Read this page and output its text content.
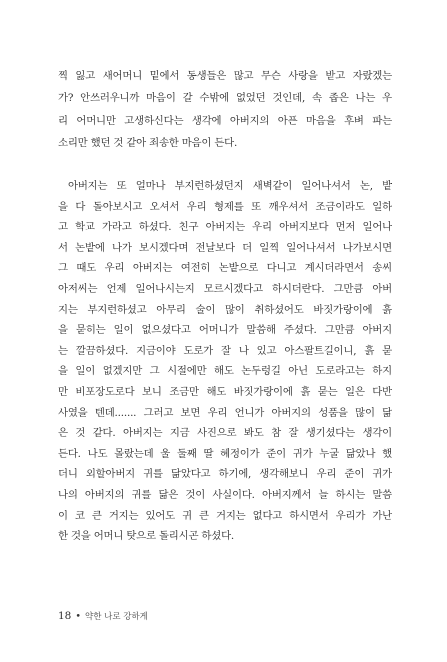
찍 잃고 새어머니 밑에서 동생들은 많고 무슨 사랑을 받고 자랐겠는
가? 안쓰러우니까 마음이 갈 수밖에 없었던 것인데, 속 좁은 나는 우
리 어머니만 고생하신다는 생각에 아버지의 아픈 마음을 후벼 파는
소리만 했던 것 같아 죄송한 마음이 든다.
아버지는 또 얼마나 부지런하셨던지 새벽같이 일어나셔서 논, 밭
을 다 돌아보시고 오셔서 우리 형제를 또 깨우셔서 조금이라도 일하
고 학교 가라고 하셨다. 친구 아버지는 우리 아버지보다 먼저 일어나
서 논밭에 나가 보시겠다며 전날보다 더 일찍 일어나셔서 나가보시면
그 때도 우리 아버지는 여전히 논밭으로 다니고 계시더라면서 송씨
아저씨는 언제 일어나시는지 모르시겠다고 하시더란다. 그만큼 아버
지는 부지런하셨고 아무리 술이 많이 취하셨어도 바짓가랑이에 흙
을 묻히는 일이 없으셨다고 어머니가 말씀해 주셨다. 그만큼 아버지
는 깔끔하셨다. 지금이야 도로가 잘 나 있고 아스팔트길이니, 흙 묻
을 일이 없겠지만 그 시절에만 해도 논두렁길 아닌 도로라고는 하지
만 비포장도로다 보니 조금만 해도 바짓가랑이에 흙 묻는 일은 다반
사였을 텐데....... 그러고 보면 우리 언니가 아버지의 성품을 많이 닮
은 것 같다. 아버지는 지금 사진으로 봐도 참 잘 생기셨다는 생각이
든다. 나도 몰랐는데 울 둘째 딸 혜정이가 준이 귀가 누굴 닮았나 했
더니 외할아버지 귀를 닮았다고 하기에, 생각해보니 우리 준이 귀가
나의 아버지의 귀를 닮은 것이 사실이다. 아버지께서 늘 하시는 말씀
이 코 큰 거지는 있어도 귀 큰 거지는 없다고 하시면서 우리가 가난
한 것을 어머니 탓으로 돌리시곤 하셨다.
18 • 약한 나로 강하게
